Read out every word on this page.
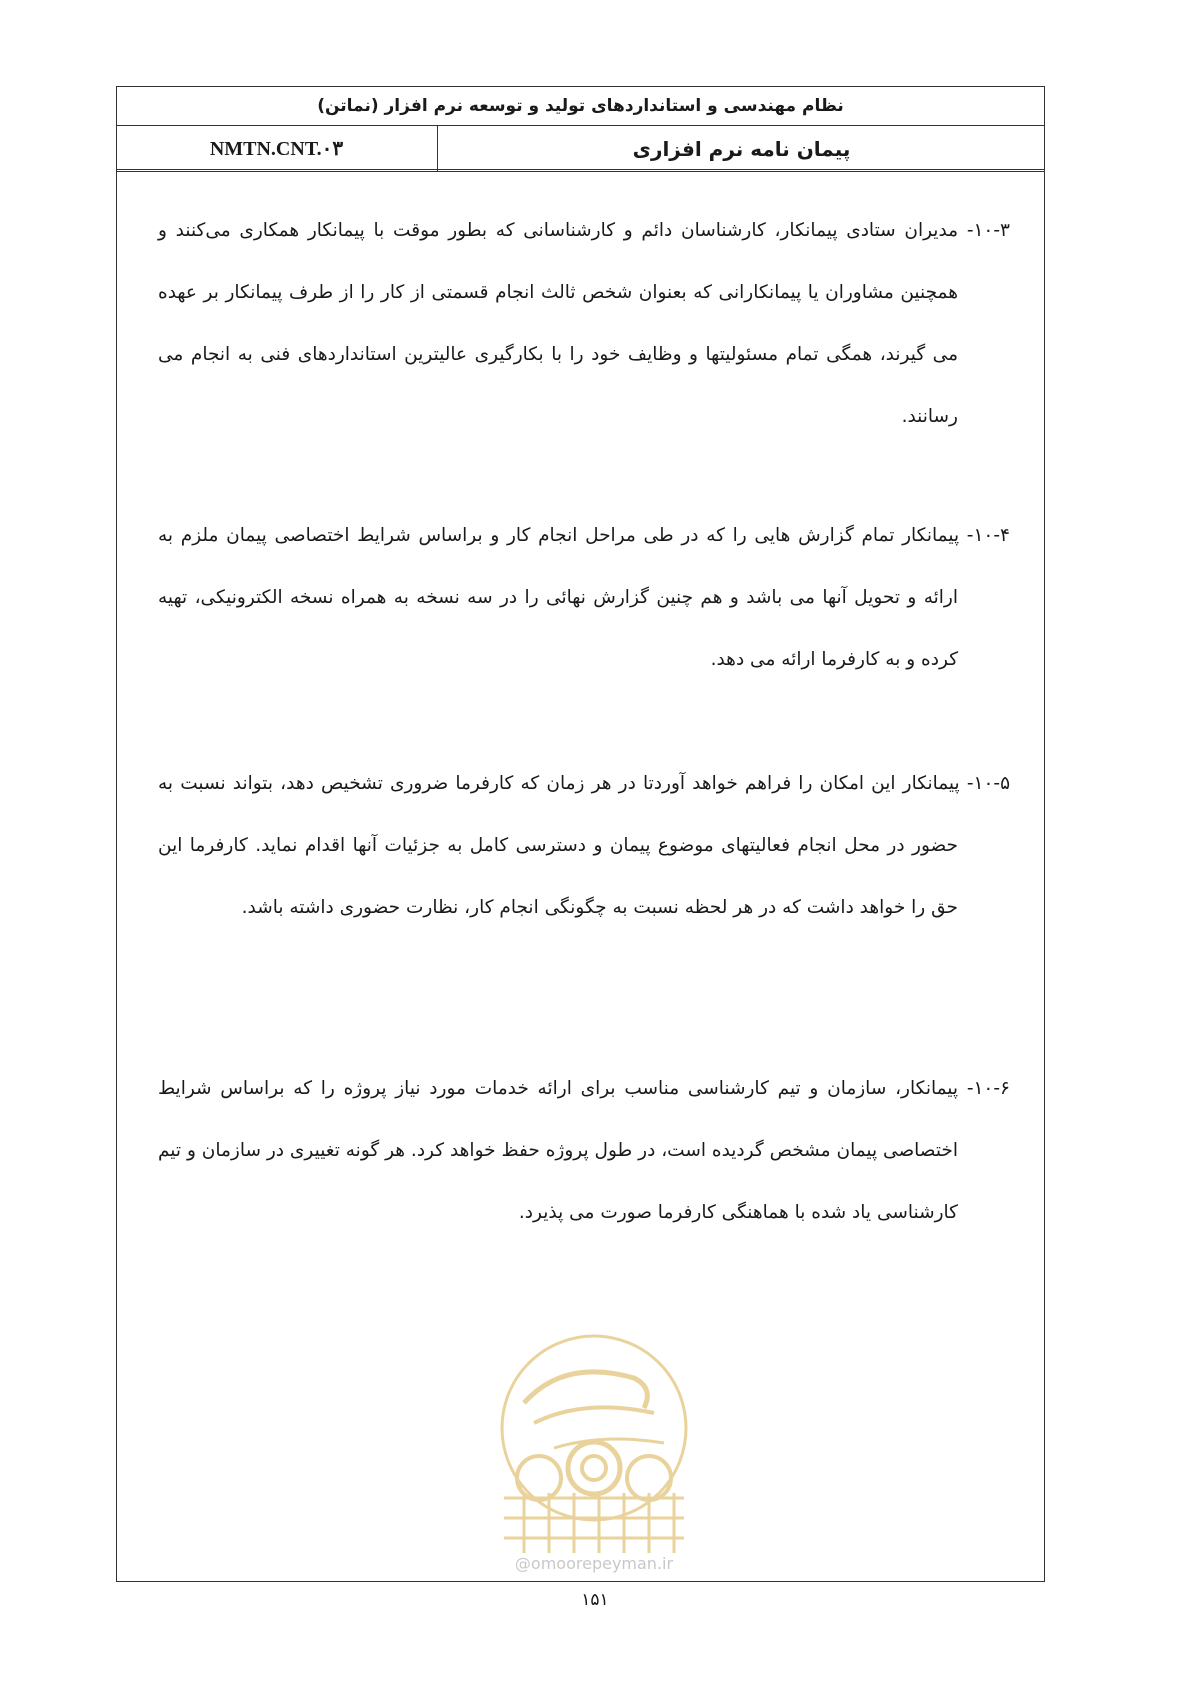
نظام مهندسی و استانداردهای تولید و توسعه نرم افزار (نماتن)
پیمان نامه نرم افزاری
NMTN.CNT.۰۳

۱۰-۳- مدیران ستادی پیمانکار، کارشناسان دائم و کارشناسانی که بطور موقت با پیمانکار همکاری می‌کنند و همچنین مشاوران یا پیمانکارانی که بعنوان شخص ثالث انجام قسمتی از کار را از طرف پیمانکار بر عهده می گیرند، همگی تمام مسئولیتها و وظایف خود را با بکارگیری عالیترین استانداردهای فنی به انجام می رسانند.

۱۰-۴- پیمانکار تمام گزارش هایی را که در طی مراحل انجام کار و براساس شرایط اختصاصی پیمان ملزم به ارائه و تحویل آنها می باشد و هم چنین گزارش نهائی را در سه نسخه به همراه نسخه الکترونیکی، تهیه کرده و به کارفرما ارائه می دهد.

۱۰-۵- پیمانکار این امکان را فراهم خواهد آوردتا در هر زمان که کارفرما ضروری تشخیص دهد، بتواند نسبت به حضور در محل انجام فعالیتهای موضوع پیمان و دسترسی کامل به جزئیات آنها اقدام نماید. کارفرما این حق را خواهد داشت که در هر لحظه نسبت به چگونگی انجام کار، نظارت حضوری داشته باشد.

۱۰-۶- پیمانکار، سازمان و تیم کارشناسی مناسب برای ارائه خدمات مورد نیاز پروژه را که براساس شرایط اختصاصی پیمان مشخص گردیده است، در طول پروژه حفظ خواهد کرد. هر گونه تغییری در سازمان و تیم کارشناسی یاد شده با هماهنگی کارفرما صورت می پذیرد.

@omoorepeyman.ir
۱۵۱
